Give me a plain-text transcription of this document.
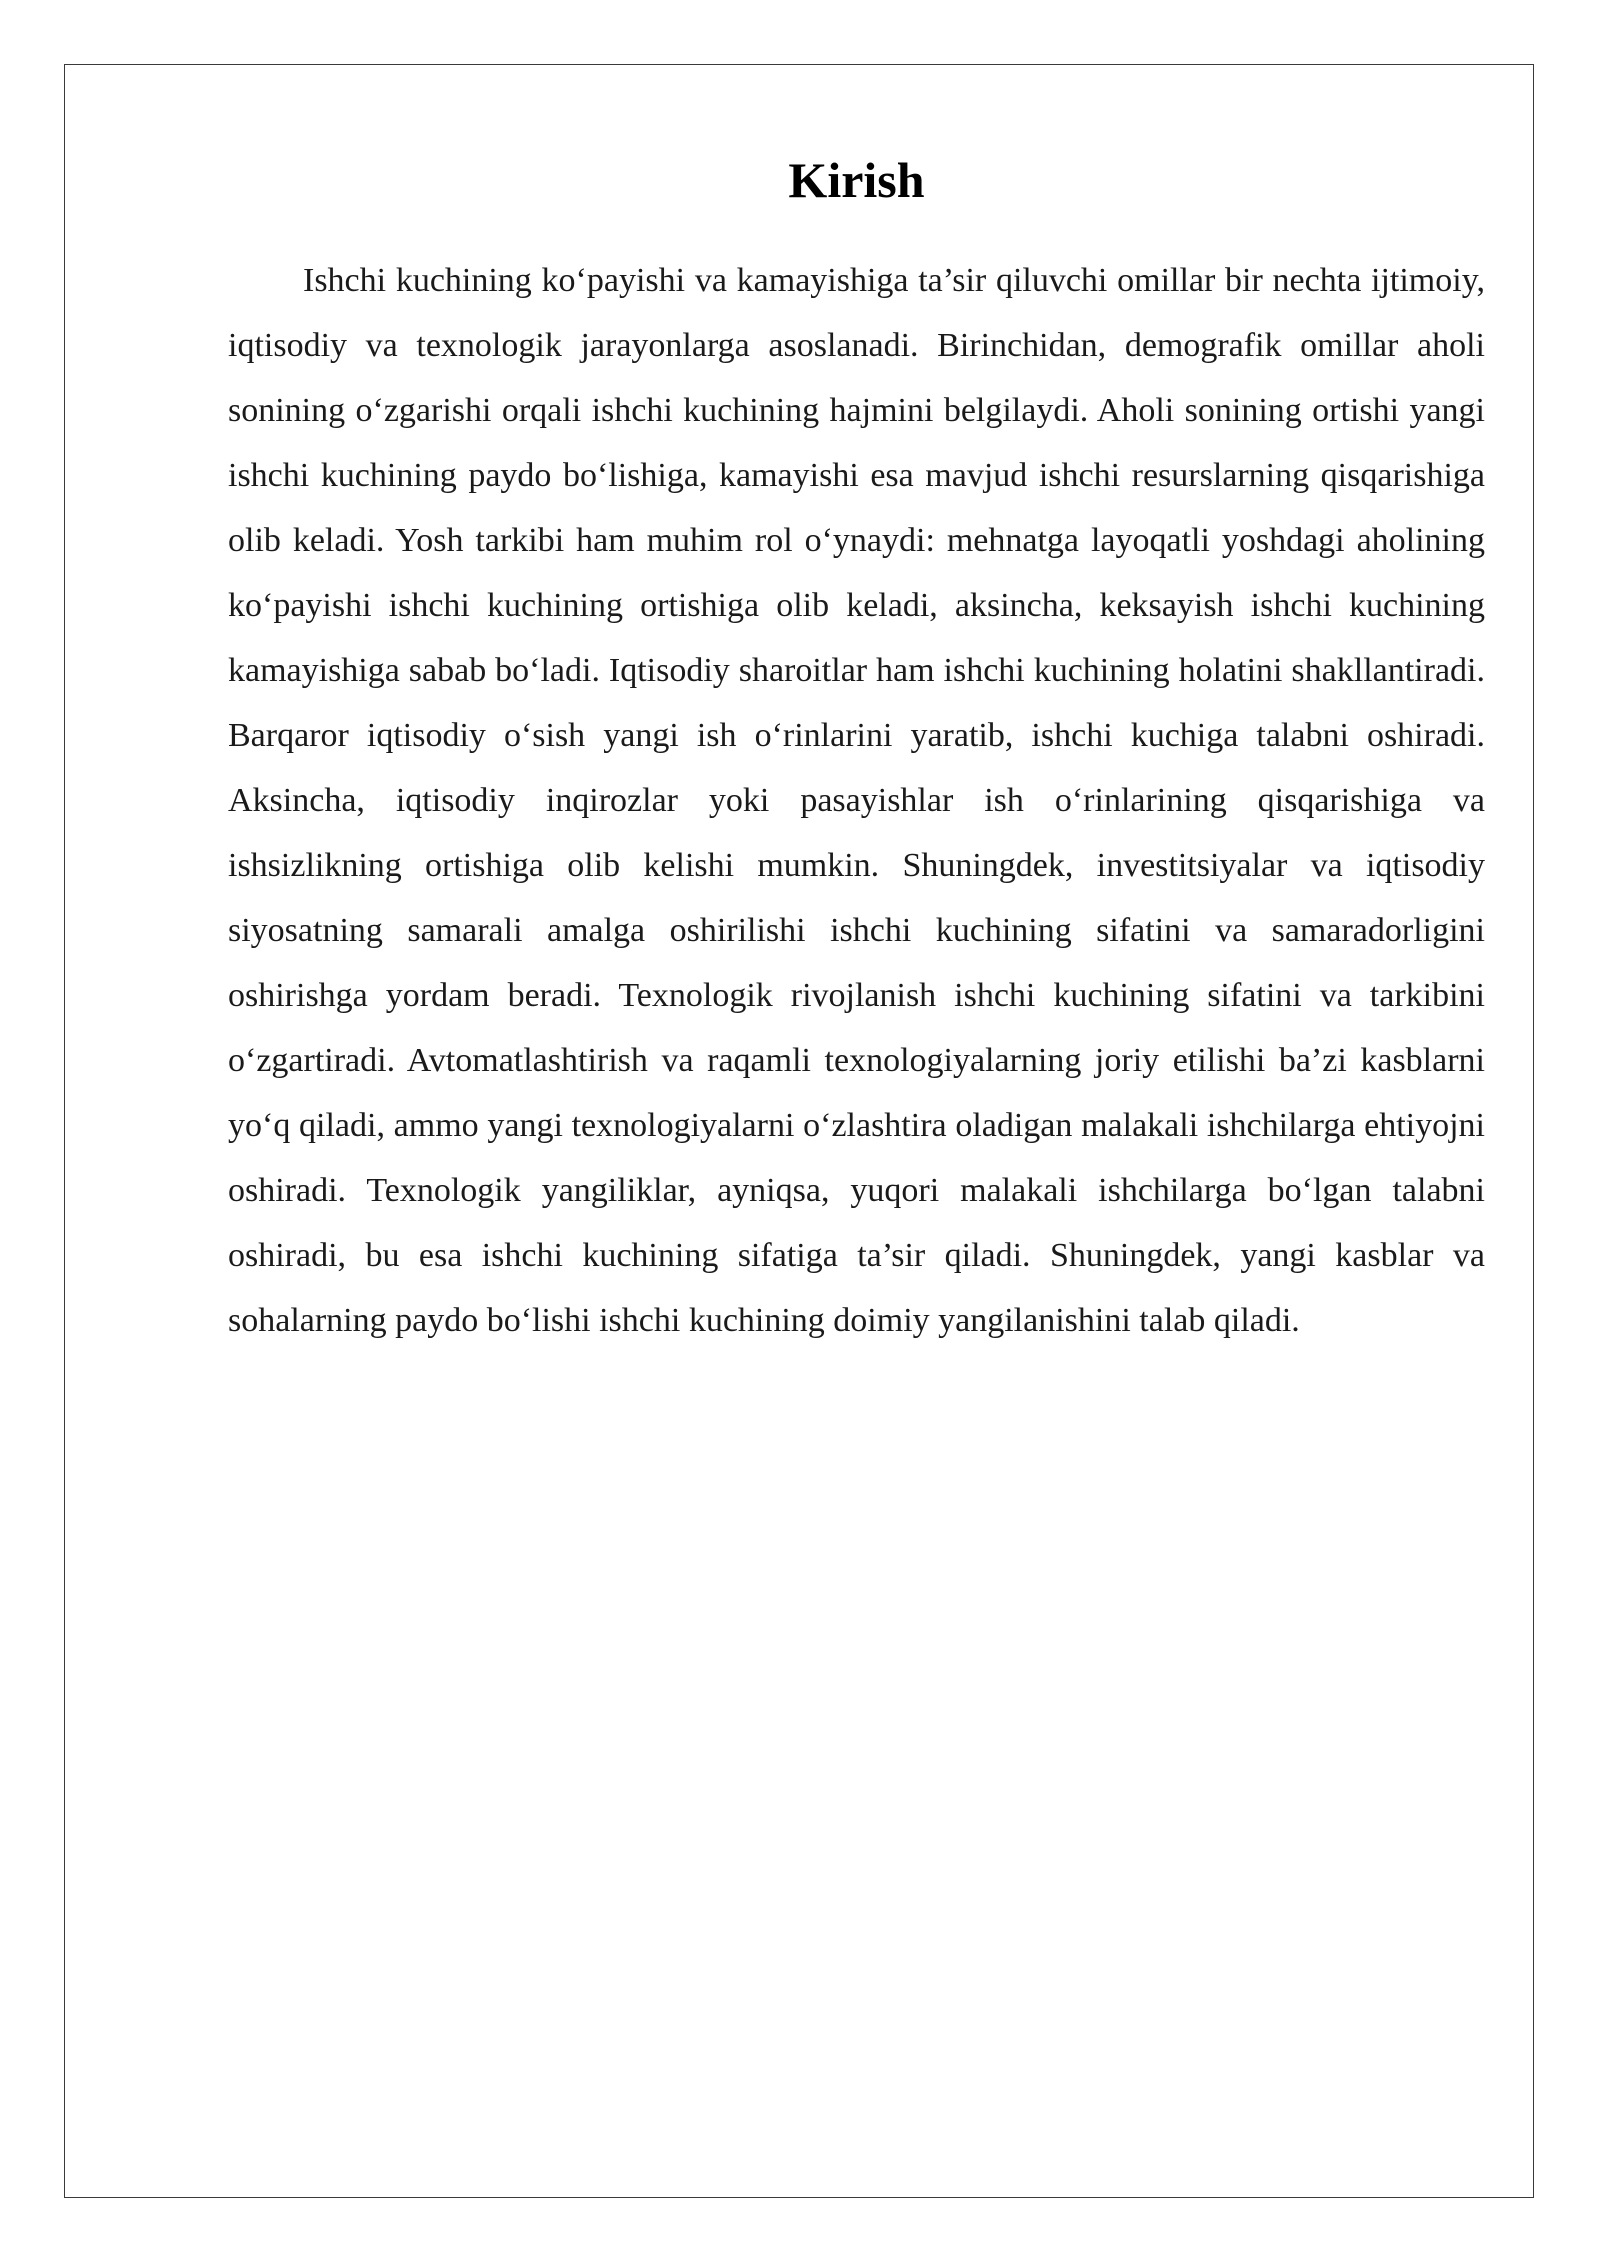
Kirish

Ishchi kuchining ko‘payishi va kamayishiga ta’sir qiluvchi omillar bir nechta ijtimoiy, iqtisodiy va texnologik jarayonlarga asoslanadi. Birinchidan, demografik omillar aholi sonining o‘zgarishi orqali ishchi kuchining hajmini belgilaydi. Aholi sonining ortishi yangi ishchi kuchining paydo bo‘lishiga, kamayishi esa mavjud ishchi resurslarning qisqarishiga olib keladi. Yosh tarkibi ham muhim rol o‘ynaydi: mehnatga layoqatli yoshdagi aholining ko‘payishi ishchi kuchining ortishiga olib keladi, aksincha, keksayish ishchi kuchining kamayishiga sabab bo‘ladi. Iqtisodiy sharoitlar ham ishchi kuchining holatini shakllantiradi. Barqaror iqtisodiy o‘sish yangi ish o‘rinlarini yaratib, ishchi kuchiga talabni oshiradi. Aksincha, iqtisodiy inqirozlar yoki pasayishlar ish o‘rinlarining qisqarishiga va ishsizlikning ortishiga olib kelishi mumkin. Shuningdek, investitsiyalar va iqtisodiy siyosatning samarali amalga oshirilishi ishchi kuchining sifatini va samaradorligini oshirishga yordam beradi. Texnologik rivojlanish ishchi kuchining sifatini va tarkibini o‘zgartiradi. Avtomatlashtirish va raqamli texnologiyalarning joriy etilishi ba’zi kasblarni yo‘q qiladi, ammo yangi texnologiyalarni o‘zlashtira oladigan malakali ishchilarga ehtiyojni oshiradi. Texnologik yangiliklar, ayniqsa, yuqori malakali ishchilarga bo‘lgan talabni oshiradi, bu esa ishchi kuchining sifatiga ta’sir qiladi. Shuningdek, yangi kasblar va sohalarning paydo bo‘lishi ishchi kuchining doimiy yangilanishini talab qiladi.
